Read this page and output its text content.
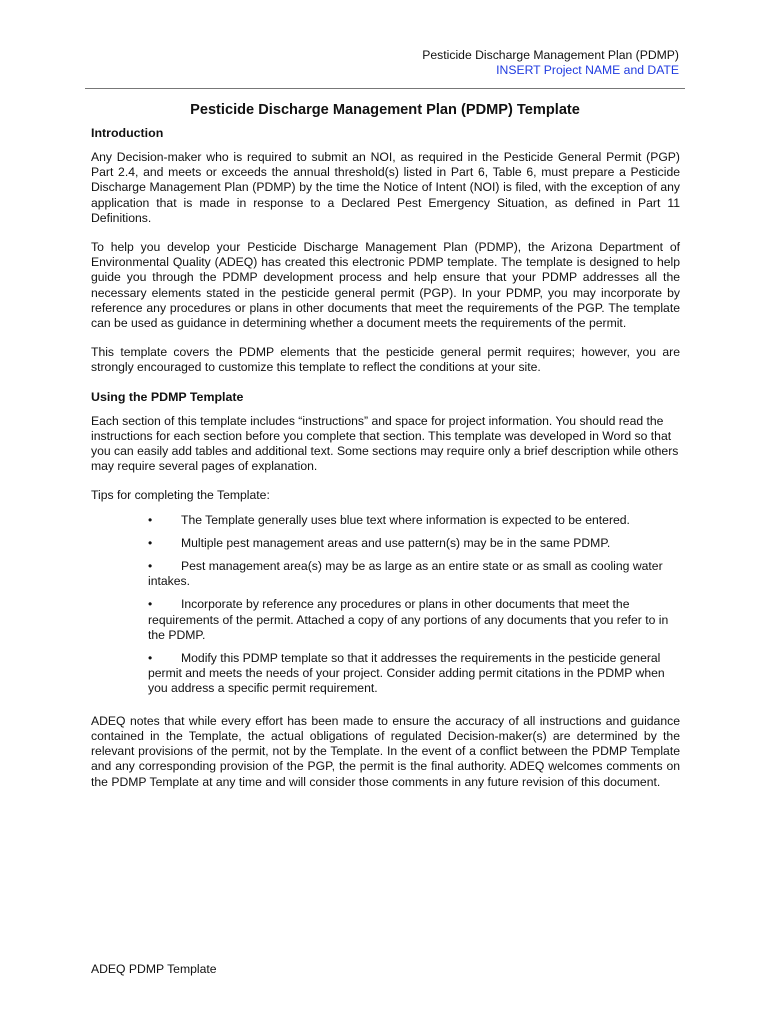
Pesticide Discharge Management Plan (PDMP)
INSERT Project NAME and DATE
Pesticide Discharge Management Plan (PDMP) Template
Introduction

Any Decision-maker who is required to submit an NOI, as required in the Pesticide General Permit (PGP) Part 2.4, and meets or exceeds the annual threshold(s) listed in Part 6, Table 6, must prepare a Pesticide Discharge Management Plan (PDMP) by the time the Notice of Intent (NOI) is filed, with the exception of any application that is made in response to a Declared Pest Emergency Situation, as defined in Part 11 Definitions.

To help you develop your Pesticide Discharge Management Plan (PDMP), the Arizona Department of Environmental Quality (ADEQ) has created this electronic PDMP template. The template is designed to help guide you through the PDMP development process and help ensure that your PDMP addresses all the necessary elements stated in the pesticide general permit (PGP). In your PDMP, you may incorporate by reference any procedures or plans in other documents that meet the requirements of the PGP. The template can be used as guidance in determining whether a document meets the requirements of the permit.

This template covers the PDMP elements that the pesticide general permit requires; however, you are strongly encouraged to customize this template to reflect the conditions at your site.

Using the PDMP Template

Each section of this template includes “instructions” and space for project information. You should read the instructions for each section before you complete that section. This template was developed in Word so that you can easily add tables and additional text. Some sections may require only a brief description while others may require several pages of explanation.

Tips for completing the Template:

•	The Template generally uses blue text where information is expected to be entered.
•	Multiple pest management areas and use pattern(s) may be in the same PDMP.
•	Pest management area(s) may be as large as an entire state or as small as cooling water intakes.
•	Incorporate by reference any procedures or plans in other documents that meet the requirements of the permit. Attached a copy of any portions of any documents that you refer to in the PDMP.
•	Modify this PDMP template so that it addresses the requirements in the pesticide general permit and meets the needs of your project. Consider adding permit citations in the PDMP when you address a specific permit requirement.

ADEQ notes that while every effort has been made to ensure the accuracy of all instructions and guidance contained in the Template, the actual obligations of regulated Decision-maker(s) are determined by the relevant provisions of the permit, not by the Template. In the event of a conflict between the PDMP Template and any corresponding provision of the PGP, the permit is the final authority. ADEQ welcomes comments on the PDMP Template at any time and will consider those comments in any future revision of this document.

ADEQ PDMP Template
